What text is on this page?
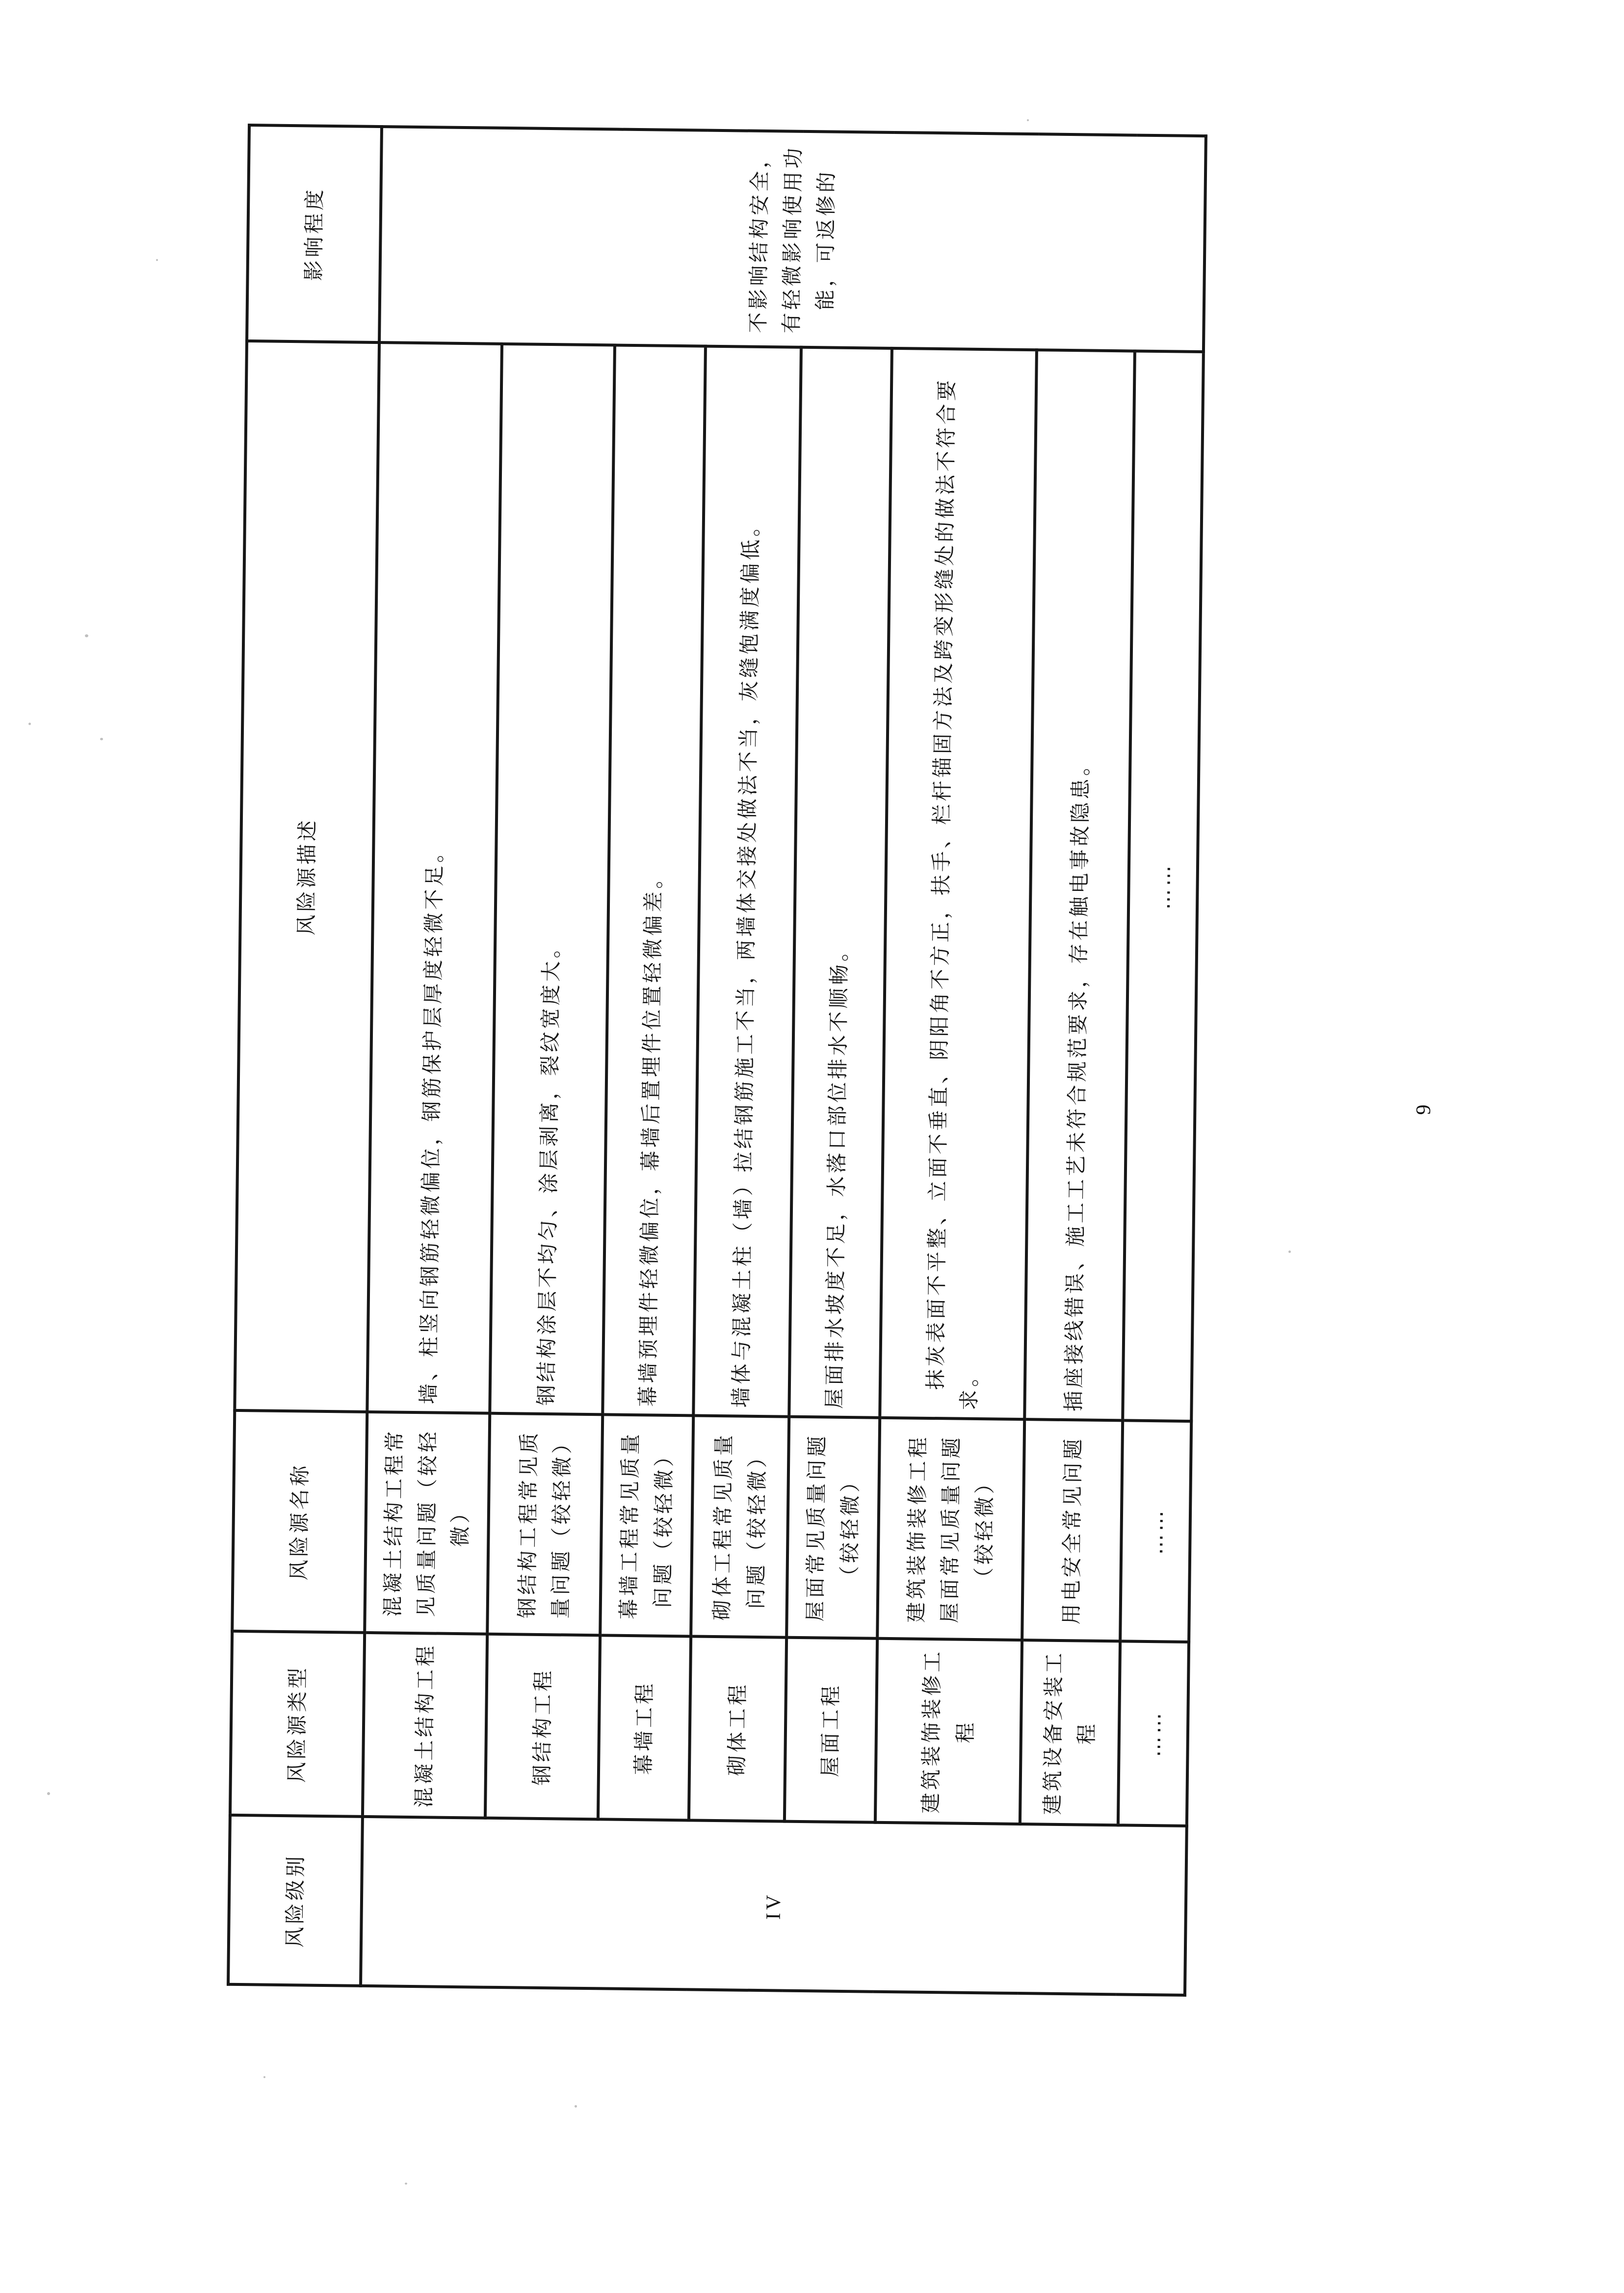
风险级别	风险源类型	风险源名称	风险源描述	影响程度
IV	混凝土结构工程	混凝土结构工程常见质量问题（较轻微）	墙、柱竖向钢筋轻微偏位，钢筋保护层厚度轻微不足。	不影响结构安全，有轻微影响使用功能，可返修的
	钢结构工程	钢结构工程常见质量问题（较轻微）	钢结构涂层不均匀、涂层剥离，裂纹宽度大。	
	幕墙工程	幕墙工程常见质量问题（较轻微）	幕墙预埋件轻微偏位，幕墙后置埋件位置轻微偏差。	
	砌体工程	砌体工程常见质量问题（较轻微）	墙体与混凝土柱（墙）拉结钢筋施工不当，两墙体交接处做法不当，灰缝饱满度偏低。	
	屋面工程	屋面常见质量问题（较轻微）	屋面排水坡度不足，水落口部位排水不顺畅。	
	建筑装饰装修工程	建筑装饰装修工程屋面常见质量问题（较轻微）	抹灰表面不平整、立面不垂直、阴阳角不方正，扶手、栏杆锚固方法及跨变形缝处的做法不符合要求。	
	建筑设备安装工程	用电安全常见问题	插座接线错误、施工工艺未符合规范要求，存在触电事故隐患。	
	……	……	……	
9
